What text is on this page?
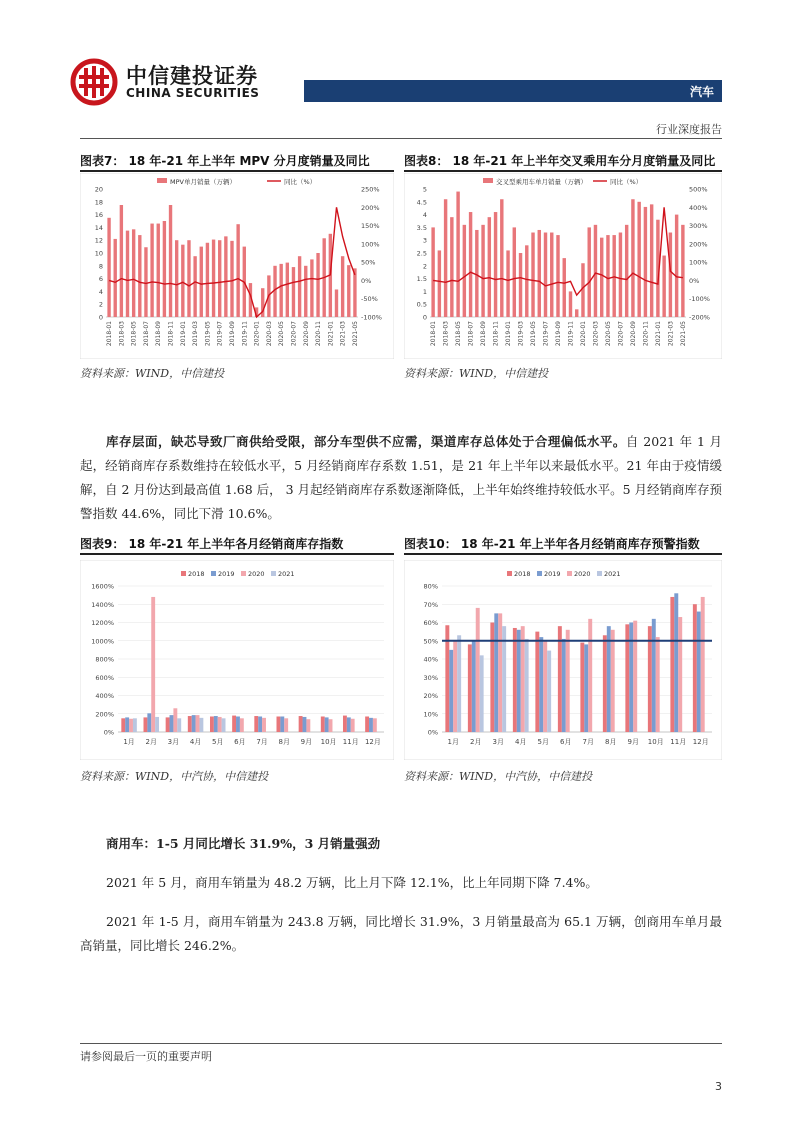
中信建投证券
CHINA SECURITIES	汽车
行业深度报告
图表7： 18 年-21 年上半年 MPV 分月度销量及同比	图表8： 18 年-21 年上半年交叉乘用车分月度销量及同比
MPV单月销量（万辆）	同比（%）
0
2
4
6
8
10
12
14
16
18
20
-100%
-50%
0%
50%
100%
150%
200%
250%
2018-01 2018-03 2018-05 2018-07 2018-09 2018-11 2019-01 2019-03 2019-05 2019-07 2019-09 2019-11 2020-01 2020-03 2020-05 2020-07 2020-09 2020-11 2021-01 2021-03 2021-05
交叉型乘用车单月销量（万辆）	同比（%）
0
0.5
1
1.5
2
2.5
3
3.5
4
4.5
5
-200%
-100%
0%
100%
200%
300%
400%
500%
2018-01 2018-03 2018-05 2018-07 2018-09 2018-11 2019-01 2019-03 2019-05 2019-07 2019-09 2019-11 2020-01 2020-03 2020-05 2020-07 2020-09 2020-11 2021-01 2021-03 2021-05
资料来源：WIND，中信建投	资料来源：WIND，中信建投
库存层面，缺芯导致厂商供给受限，部分车型供不应需，渠道库存总体处于合理偏低水平。自 2021 年 1 月起，经销商库存系数维持在较低水平，5 月经销商库存系数 1.51，是 21 年上半年以来最低水平。21 年由于疫情缓解，自 2 月份达到最高值 1.68 后， 3 月起经销商库存系数逐渐降低，上半年始终维持较低水平。5 月经销商库存预警指数 44.6%，同比下滑 10.6%。
图表9： 18 年-21 年上半年各月经销商库存指数	图表10： 18 年-21 年上半年各月经销商库存预警指数
2018 2019 2020 2021
0%
200%
400%
600%
800%
1000%
1200%
1400%
1600%
1月 2月 3月 4月 5月 6月 7月 8月 9月 10月 11月 12月
2018 2019 2020 2021
0%
10%
20%
30%
40%
50%
60%
70%
80%
1月 2月 3月 4月 5月 6月 7月 8月 9月 10月 11月 12月
资料来源：WIND，中汽协，中信建投	资料来源：WIND，中汽协，中信建投
商用车：1-5 月同比增长 31.9%，3 月销量强劲
2021 年 5 月，商用车销量为 48.2 万辆，比上月下降 12.1%，比上年同期下降 7.4%。
2021 年 1-5 月，商用车销量为 243.8 万辆，同比增长 31.9%，3 月销量最高为 65.1 万辆，创商用车单月最高销量，同比增长 246.2%。
请参阅最后一页的重要声明
3
